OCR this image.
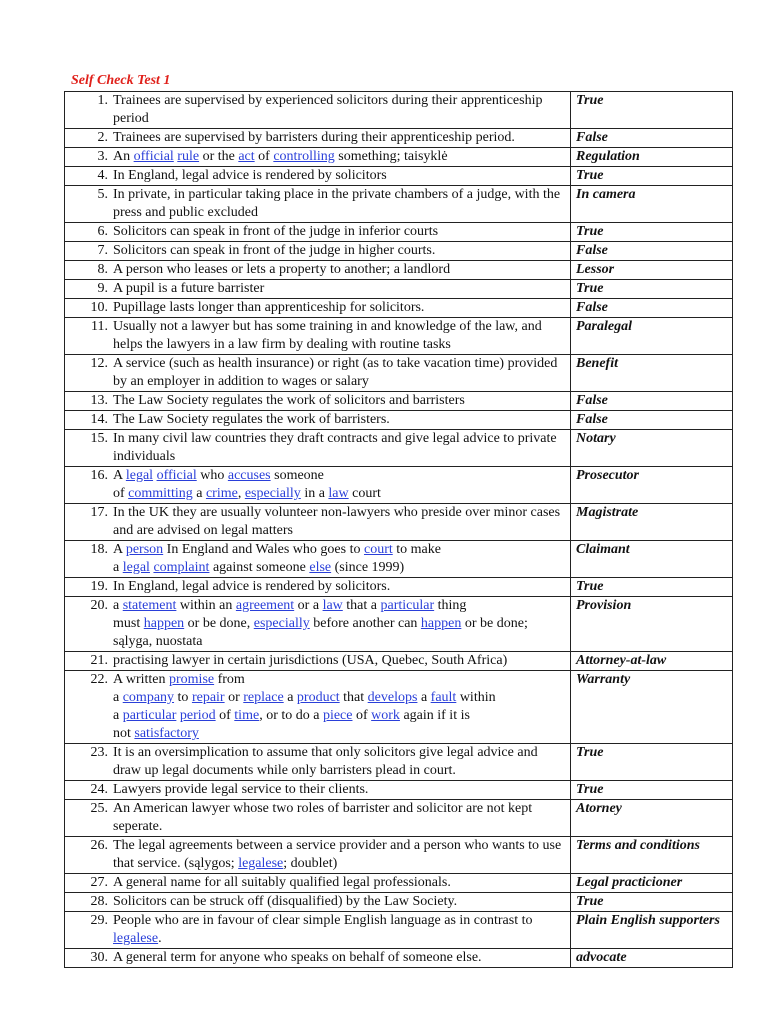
Self Check Test 1
1. Trainees are supervised by experienced solicitors during their apprenticeship period	True

2. Trainees are supervised by barristers during their apprenticeship period.	False

3. An official rule or the act of controlling something; taisyklė	Regulation

4. In England, legal advice is rendered by solicitors	True

5. In private, in particular taking place in the private chambers of a judge, with the press and public excluded	In camera

6. Solicitors can speak in front of the judge in inferior courts	True

7. Solicitors can speak in front of the judge in higher courts.	False

8. A person who leases or lets a property to another; a landlord	Lessor

9. A pupil is a future barrister	True

10. Pupillage lasts longer than apprenticeship for solicitors.	False

11. Usually not a lawyer but has some training in and knowledge of the law, and helps the lawyers in a law firm by dealing with routine tasks	Paralegal

12. A service (such as health insurance) or right (as to take vacation time) provided by an employer in addition to wages or salary	Benefit

13. The Law Society regulates the work of solicitors and barristers	False

14. The Law Society regulates the work of barristers.	False

15. In many civil law countries they draft contracts and give legal advice to private individuals	Notary

16. A legal official who accuses someone
of committing a crime, especially in a law court	Prosecutor

17. In the UK they are usually volunteer non-lawyers who preside over minor cases and are advised on legal matters	Magistrate

18. A person In England and Wales who goes to court to make
a legal complaint against someone else (since 1999)	Claimant

19. In England, legal advice is rendered by solicitors.	True

20. a statement within an agreement or a law that a particular thing
must happen or be done, especially before another can happen or be done; sąlyga, nuostata	Provision

21. practising lawyer in certain jurisdictions (USA, Quebec, South Africa)	Attorney-at-law

22. A written promise from
a company to repair or replace a product that develops a fault within
a particular period of time, or to do a piece of work again if it is
not satisfactory	Warranty

23. It is an oversimplication to assume that only solicitors give legal advice and draw up legal documents while only barristers plead in court.	True

24. Lawyers provide legal service to their clients.	True

25. An American lawyer whose two roles of barrister and solicitor are not kept seperate.	Atorney

26. The legal agreements between a service provider and a person who wants to use that service. (sąlygos; legalese; doublet)	Terms and conditions

27. A general name for all suitably qualified legal professionals.	Legal practicioner

28. Solicitors can be struck off (disqualified) by the Law Society.	True

29. People who are in favour of clear simple English language as in contrast to legalese.	Plain English supporters

30. A general term for anyone who speaks on behalf of someone else.	advocate
